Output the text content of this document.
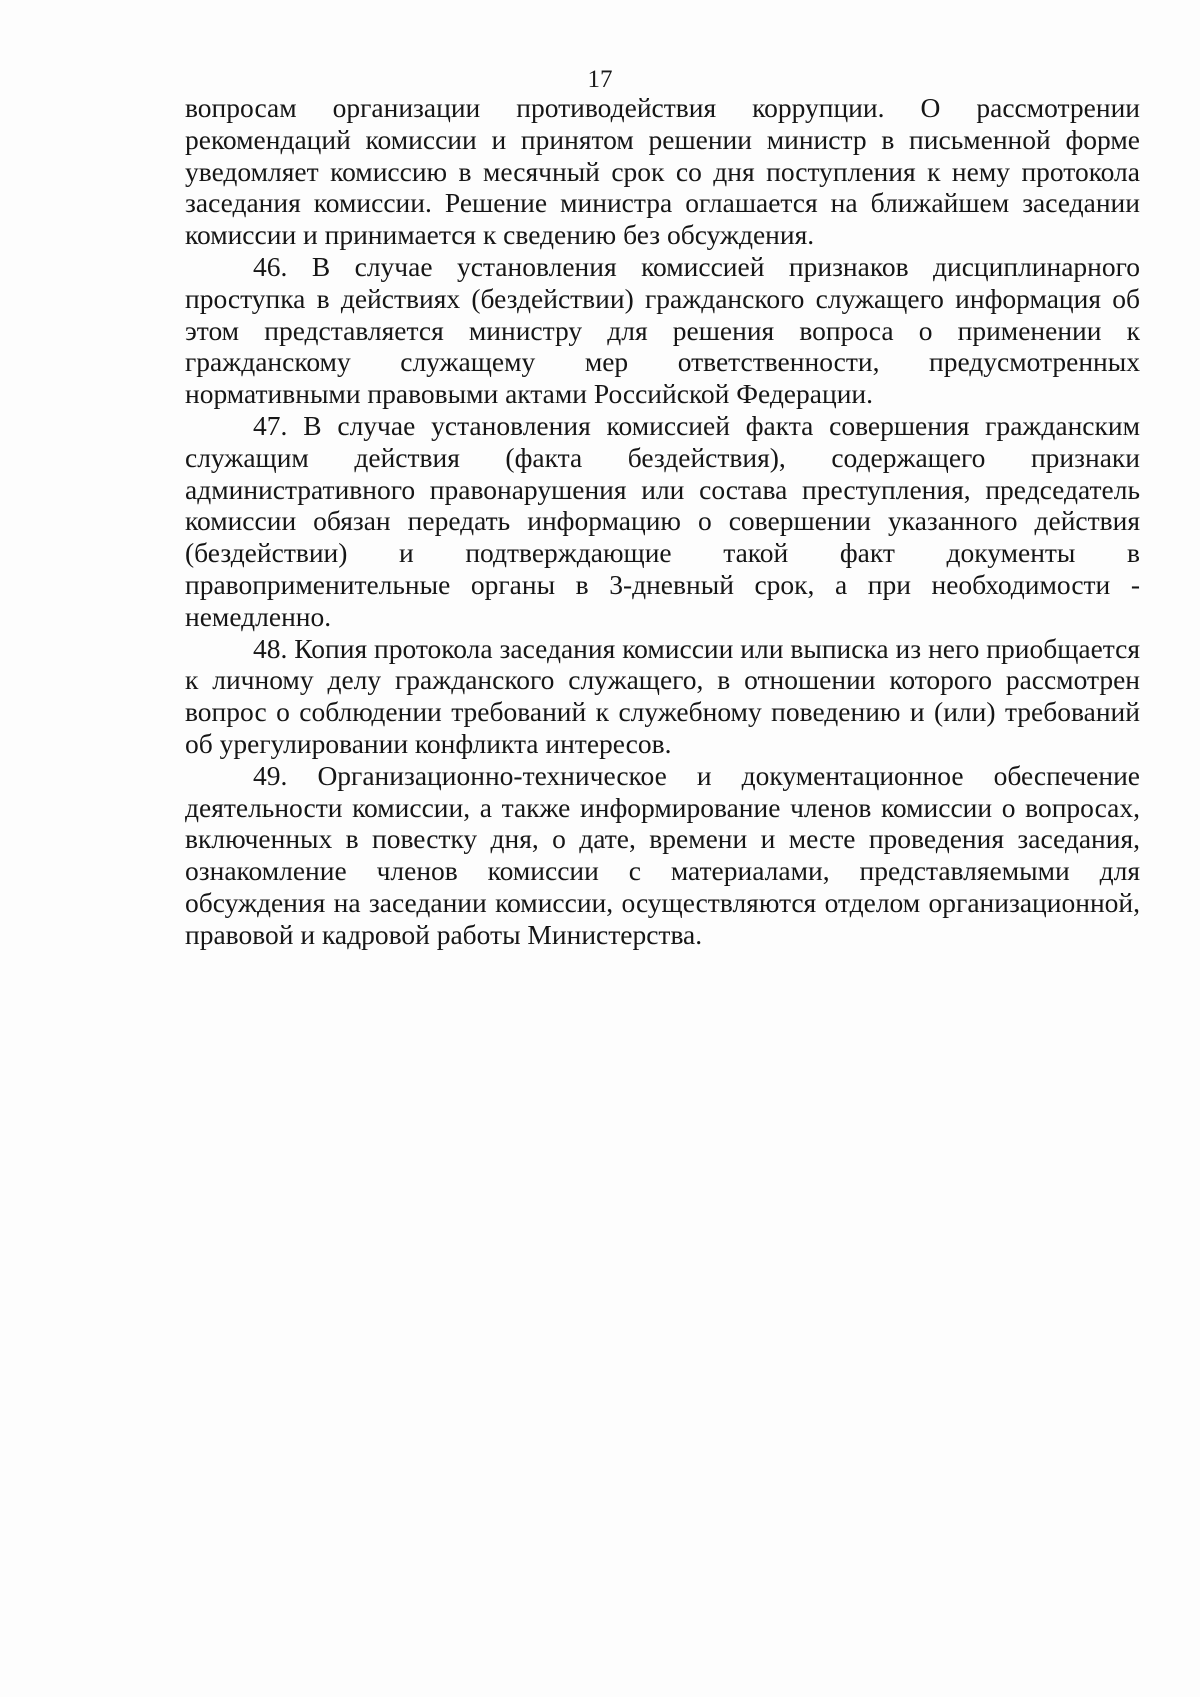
17

вопросам организации противодействия коррупции. О рассмотрении рекомендаций комиссии и принятом решении министр в письменной форме уведомляет комиссию в месячный срок со дня поступления к нему протокола заседания комиссии. Решение министра оглашается на ближайшем заседании комиссии и принимается к сведению без обсуждения.

46. В случае установления комиссией признаков дисциплинарного проступка в действиях (бездействии) гражданского служащего информация об этом представляется министру для решения вопроса о применении к гражданскому служащему мер ответственности, предусмотренных нормативными правовыми актами Российской Федерации.

47. В случае установления комиссией факта совершения гражданским служащим действия (факта бездействия), содержащего признаки административного правонарушения или состава преступления, председатель комиссии обязан передать информацию о совершении указанного действия (бездействии) и подтверждающие такой факт документы в правоприменительные органы в 3-дневный срок, а при необходимости - немедленно.

48. Копия протокола заседания комиссии или выписка из него приобщается к личному делу гражданского служащего, в отношении которого рассмотрен вопрос о соблюдении требований к служебному поведению и (или) требований об урегулировании конфликта интересов.

49. Организационно-техническое и документационное обеспечение деятельности комиссии, а также информирование членов комиссии о вопросах, включенных в повестку дня, о дате, времени и месте проведения заседания, ознакомление членов комиссии с материалами, представляемыми для обсуждения на заседании комиссии, осуществляются отделом организационной, правовой и кадровой работы Министерства.
